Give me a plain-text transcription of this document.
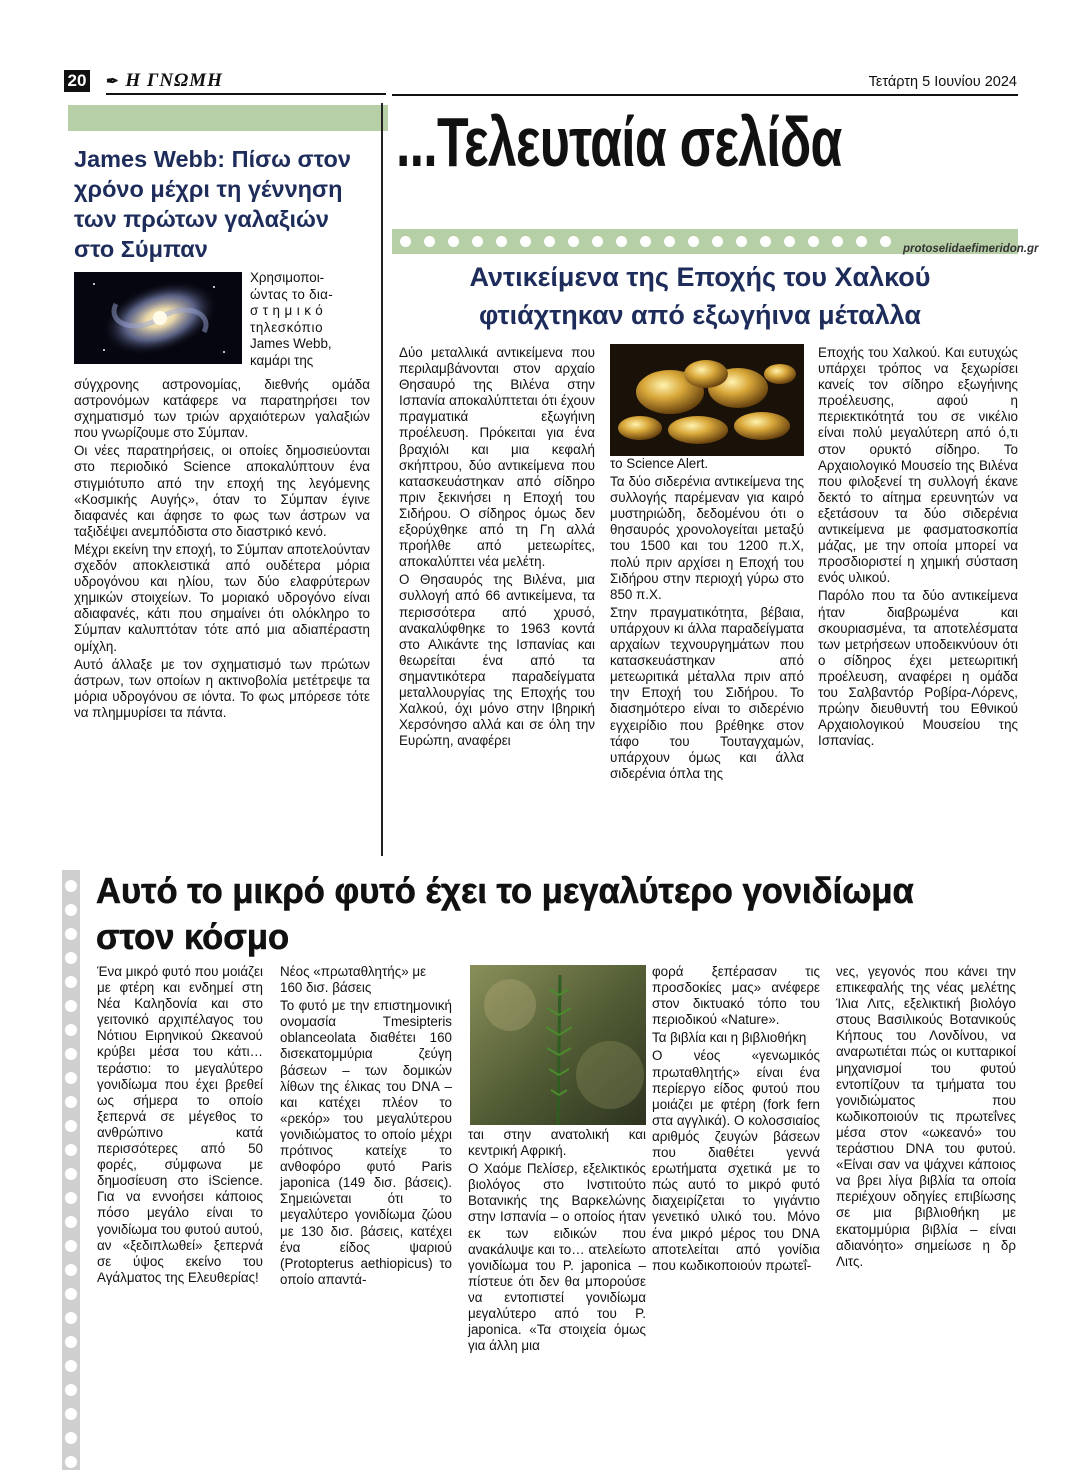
20 ✒ Η ΓΝΩΜΗ	Τετάρτη 5 Ιουνίου 2024
James Webb: Πίσω στον χρόνο μέχρι τη γέννηση των πρώτων γαλαξιών στο Σύμπαν
Χρησιμοποι-
ώντας το δια-
στημικό
τηλεσκόπιο
James Webb,
καμάρι της

σύγχρονης αστρονομίας, διεθνής ομάδα αστρονόμων κατάφερε να παρατηρήσει τον σχηματισμό των τριών αρχαιότερων γαλαξιών που γνωρίζουμε στο Σύμπαν.

Οι νέες παρατηρήσεις, οι οποίες δημοσιεύονται στο περιοδικό Science αποκαλύπτουν ένα στιγμιότυπο από την εποχή της λεγόμενης «Κοσμικής Αυγής», όταν το Σύμπαν έγινε διαφανές και άφησε το φως των άστρων να ταξιδέψει ανεμπόδιστα στο διαστρικό κενό.

Μέχρι εκείνη την εποχή, το Σύμπαν αποτελούνταν σχεδόν αποκλειστικά από ουδέτερα μόρια υδρογόνου και ηλίου, των δύο ελαφρύτερων χημικών στοιχείων. Το μοριακό υδρογόνο είναι αδιαφανές, κάτι που σημαίνει ότι ολόκληρο το Σύμπαν καλυπτόταν τότε από μια αδιαπέραστη ομίχλη.

Αυτό άλλαξε με τον σχηματισμό των πρώτων άστρων, των οποίων η ακτινοβολία μετέτρεψε τα μόρια υδρογόνου σε ιόντα. Το φως μπόρεσε τότε να πλημμυρίσει τα πάντα.

...Τελευταία σελίδα
protoselidaefimeridon.gr
Αντικείμενα της Εποχής του Χαλκού
φτιάχτηκαν από εξωγήινα μέταλλα

Δύο μεταλλικά αντικείμενα που περιλαμβάνονται στον αρχαίο Θησαυρό της Βιλένα στην Ισπανία αποκαλύπτεται ότι έχουν πραγματικά εξωγήινη προέλευση. Πρόκειται για ένα βραχιόλι και μια κεφαλή σκήπτρου, δύο αντικείμενα που κατασκευάστηκαν από σίδηρο πριν ξεκινήσει η Εποχή του Σιδήρου. Ο σίδηρος όμως δεν εξορύχθηκε από τη Γη αλλά προήλθε από μετεωρίτες, αποκαλύπτει νέα μελέτη.

Ο Θησαυρός της Βιλένα, μια συλλογή από 66 αντικείμενα, τα περισσότερα από χρυσό, ανακαλύφθηκε το 1963 κοντά στο Αλικάντε της Ισπανίας και θεωρείται ένα από τα σημαντικότερα παραδείγματα μεταλλουργίας της Εποχής του Χαλκού, όχι μόνο στην Ιβηρική Χερσόνησο αλλά και σε όλη την Ευρώπη, αναφέρει

το Science Alert.

Τα δύο σιδερένια αντικείμενα της συλλογής παρέμεναν για καιρό μυστηριώδη, δεδομένου ότι ο θησαυρός χρονολογείται μεταξύ του 1500 και του 1200 π.Χ, πολύ πριν αρχίσει η Εποχή του Σιδήρου στην περιοχή γύρω στο 850 π.Χ.

Στην πραγματικότητα, βέβαια, υπάρχουν κι άλλα παραδείγματα αρχαίων τεχνουργημάτων που κατασκευάστηκαν από μετεωριτικά μέταλλα πριν από την Εποχή του Σιδήρου. Το διασημότερο είναι το σιδερένιο εγχειρίδιο που βρέθηκε στον τάφο του Τουταγχαμών, υπάρχουν όμως και άλλα σιδερένια όπλα της

Εποχής του Χαλκού. Και ευτυχώς υπάρχει τρόπος να ξεχωρίσει κανείς τον σίδηρο εξωγήινης προέλευσης, αφού η περιεκτικότητά του σε νικέλιο είναι πολύ μεγαλύτερη από ό,τι στον ορυκτό σίδηρο. Το Αρχαιολογικό Μουσείο της Βιλένα που φιλοξενεί τη συλλογή έκανε δεκτό το αίτημα ερευνητών να εξετάσουν τα δύο σιδερένια αντικείμενα με φασματοσκοπία μάζας, με την οποία μπορεί να προσδιοριστεί η χημική σύσταση ενός υλικού.

Παρόλο που τα δύο αντικείμενα ήταν διαβρωμένα και σκουριασμένα, τα αποτελέσματα των μετρήσεων υποδεικνύουν ότι ο σίδηρος έχει μετεωριτική προέλευση, αναφέρει η ομάδα του Σαλβαντόρ Ροβίρα-Λόρενς, πρώην διευθυντή του Εθνικού Αρχαιολογικού Μουσείου της Ισπανίας.

Αυτό το μικρό φυτό έχει το μεγαλύτερο γονιδίωμα
στον κόσμο

Ένα μικρό φυτό που μοιάζει με φτέρη και ενδημεί στη Νέα Καληδονία και στο γειτονικό αρχιπέλαγος του Νότιου Ειρηνικού Ωκεανού κρύβει μέσα του κάτι… τεράστιο: το μεγαλύτερο γονιδίωμα που έχει βρεθεί ως σήμερα το οποίο ξεπερνά σε μέγεθος το ανθρώπινο κατά περισσότερες από 50 φορές, σύμφωνα με δημοσίευση στο iScience. Για να εννοήσει κάποιος πόσο μεγάλο είναι το γονιδίωμα του φυτού αυτού, αν «ξεδιπλωθεί» ξεπερνά σε ύψος εκείνο του Αγάλματος της Ελευθερίας!

Νέος «πρωταθλητής» με 160 δισ. βάσεις

Το φυτό με την επιστημονική ονομασία Tmesipteris oblanceolata διαθέτει 160 δισεκατομμύρια ζεύγη βάσεων – των δομικών λίθων της έλικας του DNA – και κατέχει πλέον το «ρεκόρ» του μεγαλύτερου γονιδιώματος το οποίο μέχρι πρότινος κατείχε το ανθοφόρο φυτό Paris japonica (149 δισ. βάσεις). Σημειώνεται ότι το μεγαλύτερο γονιδίωμα ζώου με 130 δισ. βάσεις, κατέχει ένα είδος ψαριού (Protopterus aethiopicus) το οποίο απαντά-

ται στην ανατολική και κεντρική Αφρική.

Ο Χαόμε Πελίσερ, εξελικτικός βιολόγος στο Ινστιτούτο Βοτανικής της Βαρκελώνης στην Ισπανία – ο οποίος ήταν εκ των ειδικών που ανακάλυψε και το… ατελείωτο γονιδίωμα του P. japonica – πίστευε ότι δεν θα μπορούσε να εντοπιστεί γονιδίωμα μεγαλύτερο από του P. japonica. «Τα στοιχεία όμως για άλλη μια

φορά ξεπέρασαν τις προσδοκίες μας» ανέφερε στον δικτυακό τόπο του περιοδικού «Nature».

Τα βιβλία και η βιβλιοθήκη

Ο νέος «γενωμικός πρωταθλητής» είναι ένα περίεργο είδος φυτού που μοιάζει με φτέρη (fork fern στα αγγλικά). Ο κολοσσιαίος αριθμός ζευγών βάσεων που διαθέτει γεννά ερωτήματα σχετικά με το πώς αυτό το μικρό φυτό διαχειρίζεται το γιγάντιο γενετικό υλικό του. Μόνο ένα μικρό μέρος του DNA αποτελείται από γονίδια που κωδικοποιούν πρωτεΐ-

νες, γεγονός που κάνει την επικεφαλής της νέας μελέτης Ίλια Λιτς, εξελικτική βιολόγο στους Βασιλικούς Βοτανικούς Κήπους του Λονδίνου, να αναρωτιέται πώς οι κυτταρικοί μηχανισμοί του φυτού εντοπίζουν τα τμήματα του γονιδιώματος που κωδικοποιούν τις πρωτεΐνες μέσα στον «ωκεανό» του τεράστιου DNA του φυτού. «Είναι σαν να ψάχνει κάποιος να βρει λίγα βιβλία τα οποία περιέχουν οδηγίες επιβίωσης σε μια βιβλιοθήκη με εκατομμύρια βιβλία – είναι αδιανόητο» σημείωσε η δρ Λιτς.
